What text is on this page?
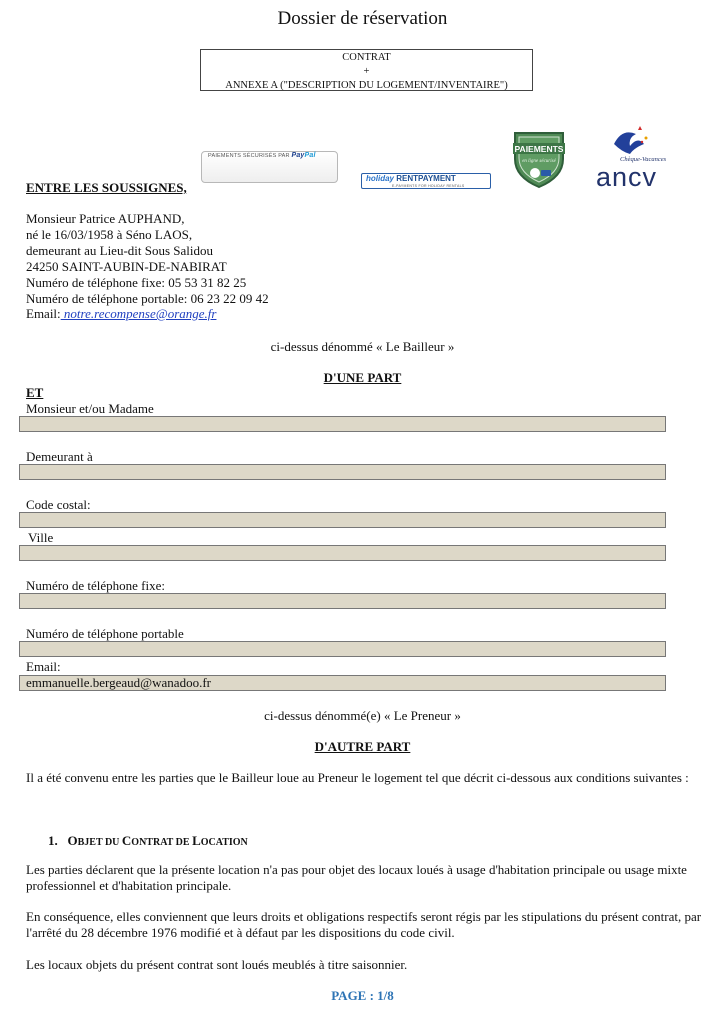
Dossier de réservation
CONTRAT
+
ANNEXE A ("DESCRIPTION DU LOGEMENT/INVENTAIRE")
PAIEMENTS SÉCURISÉS PAR PayPal
holiday RENTPAYMENT
E-PAYMENTS FOR HOLIDAY RENTALS
PAIEMENTS
en ligne sécurisé	Chèque-Vacances
ancv
ENTRE LES SOUSSIGNES,
Monsieur Patrice AUPHAND,
né le 16/03/1958 à Séno LAOS,
demeurant au Lieu-dit Sous Salidou
24250 SAINT-AUBIN-DE-NABIRAT
Numéro de téléphone fixe: 05 53 31 82 25
Numéro de téléphone portable: 06 23 22 09 42
Email: notre.recompense@orange.fr
ci-dessus dénommé « Le Bailleur »
D'UNE PART
ET
Monsieur et/ou Madame
Demeurant à
Code costal:
Ville
Numéro de téléphone fixe:
Numéro de téléphone portable
Email:
emmanuelle.bergeaud@wanadoo.fr
ci-dessus dénommé(e) « Le Preneur »
D'AUTRE PART
Il a été convenu entre les parties que le Bailleur loue au Preneur le logement tel que décrit ci-dessous aux conditions suivantes :
1. OBJET DU CONTRAT DE LOCATION
Les parties déclarent que la présente location n'a pas pour objet des locaux loués à usage d'habitation principale ou usage mixte professionnel et d'habitation principale.
En conséquence, elles conviennent que leurs droits et obligations respectifs seront régis par les stipulations du présent contrat, par l'arrêté du 28 décembre 1976 modifié et à défaut par les dispositions du code civil.
Les locaux objets du présent contrat sont loués meublés à titre saisonnier.
PAGE : 1/8
